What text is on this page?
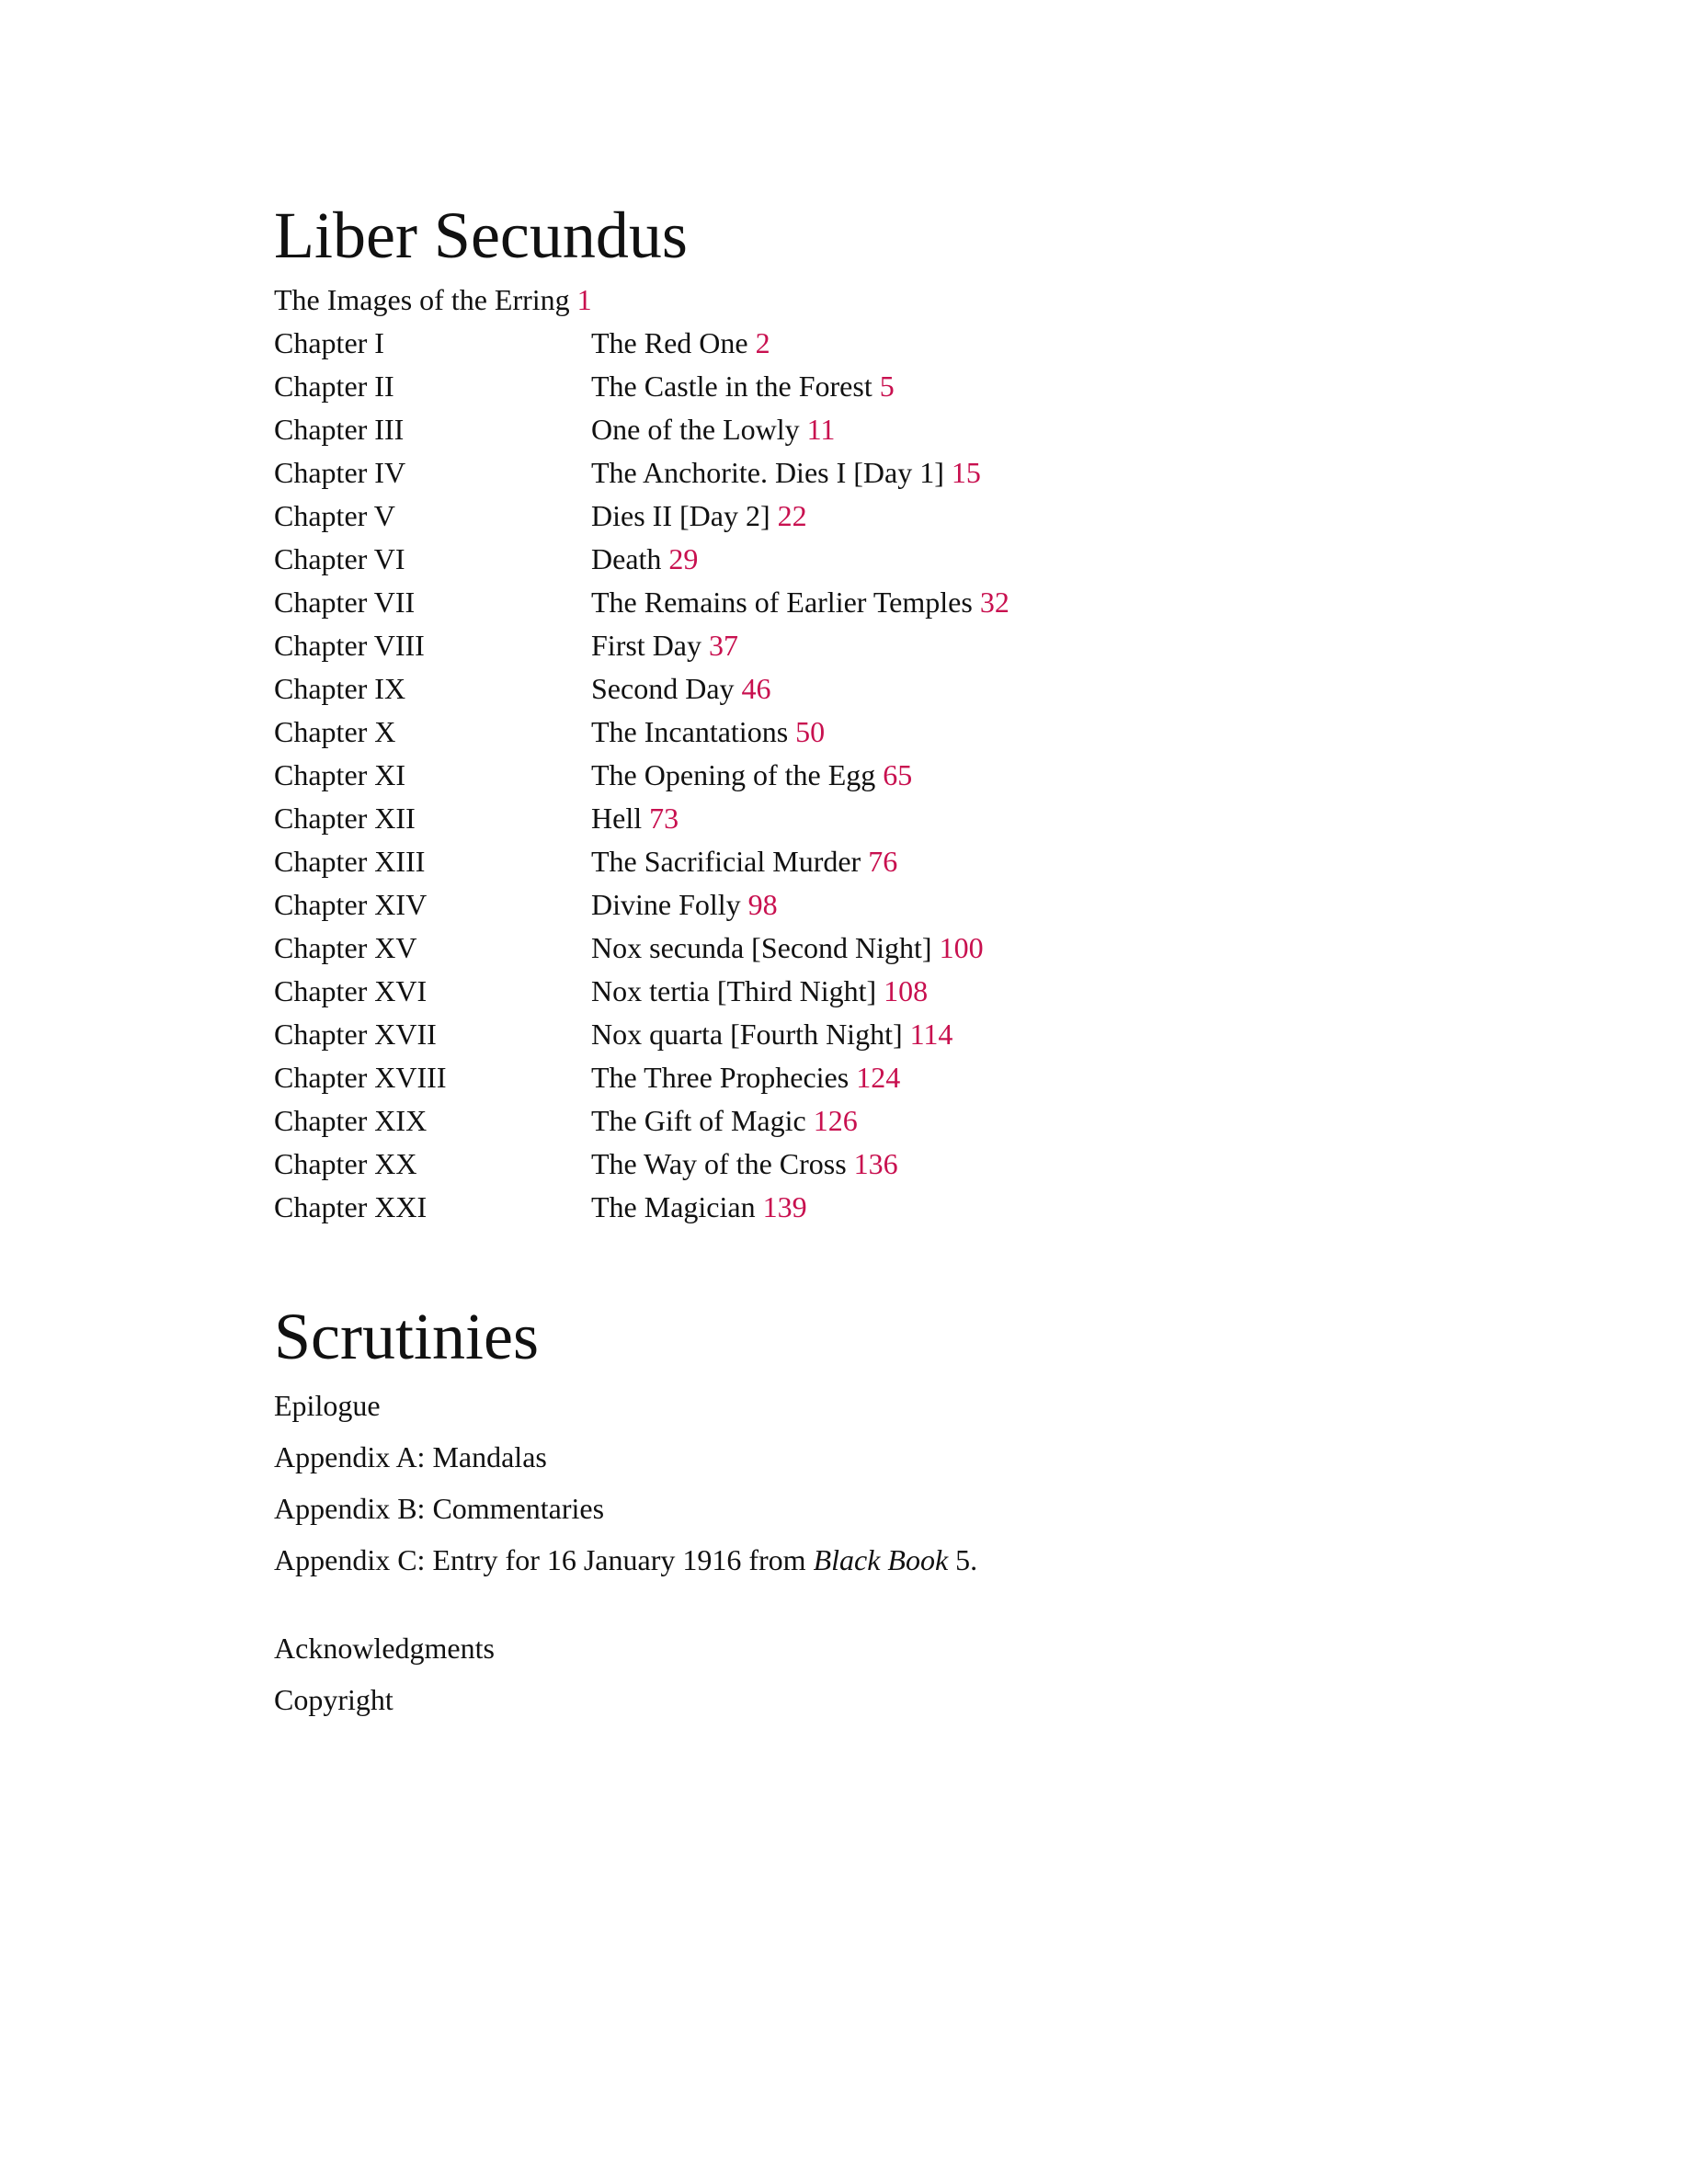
Liber Secundus
The Images of the Erring 1
Chapter I	The Red One 2
Chapter II	The Castle in the Forest 5
Chapter III	One of the Lowly 11
Chapter IV	The Anchorite. Dies I [Day 1] 15
Chapter V	Dies II [Day 2] 22
Chapter VI	Death 29
Chapter VII	The Remains of Earlier Temples 32
Chapter VIII	First Day 37
Chapter IX	Second Day 46
Chapter X	The Incantations 50
Chapter XI	The Opening of the Egg 65
Chapter XII	Hell 73
Chapter XIII	The Sacrificial Murder 76
Chapter XIV	Divine Folly 98
Chapter XV	Nox secunda [Second Night] 100
Chapter XVI	Nox tertia [Third Night] 108
Chapter XVII	Nox quarta [Fourth Night] 114
Chapter XVIII	The Three Prophecies 124
Chapter XIX	The Gift of Magic 126
Chapter XX	The Way of the Cross 136
Chapter XXI	The Magician 139
Scrutinies
Epilogue
Appendix A: Mandalas
Appendix B: Commentaries
Appendix C: Entry for 16 January 1916 from Black Book 5.
Acknowledgments
Copyright
